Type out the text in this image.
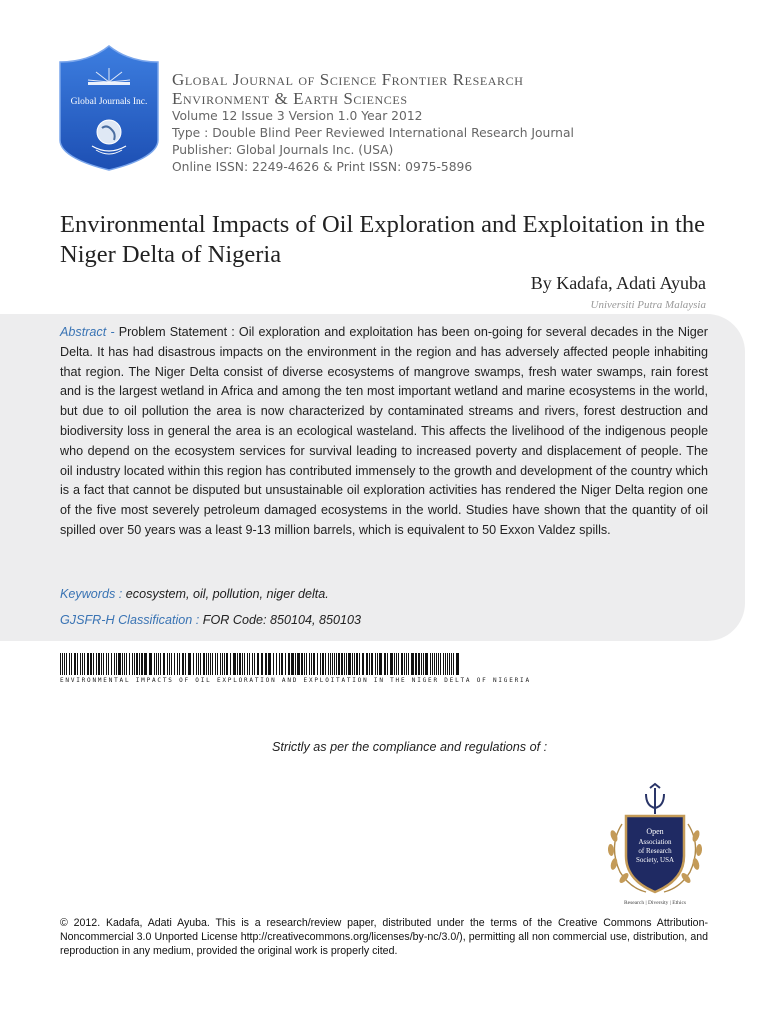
Global Journals Inc.
Global Journal of Science Frontier Research
Environment & Earth Sciences
Volume 12 Issue 3 Version 1.0 Year 2012
Type : Double Blind Peer Reviewed International Research Journal
Publisher: Global Journals Inc. (USA)
Online ISSN: 2249-4626 & Print ISSN: 0975-5896
Environmental Impacts of Oil Exploration and Exploitation in the Niger Delta of Nigeria
By Kadafa, Adati Ayuba
Universiti Putra Malaysia
Abstract - Problem Statement : Oil exploration and exploitation has been on-going for several decades in the Niger Delta. It has had disastrous impacts on the environment in the region and has adversely affected people inhabiting that region. The Niger Delta consist of diverse ecosystems of mangrove swamps, fresh water swamps, rain forest and is the largest wetland in Africa and among the ten most important wetland and marine ecosystems in the world, but due to oil pollution the area is now characterized by contaminated streams and rivers, forest destruction and biodiversity loss in general the area is an ecological wasteland. This affects the livelihood of the indigenous people who depend on the ecosystem services for survival leading to increased poverty and displacement of people. The oil industry located within this region has contributed immensely to the growth and development of the country which is a fact that cannot be disputed but unsustainable oil exploration activities has rendered the Niger Delta region one of the five most severely petroleum damaged ecosystems in the world. Studies have shown that the quantity of oil spilled over 50 years was a least 9-13 million barrels, which is equivalent to 50 Exxon Valdez spills.
Keywords : ecosystem, oil, pollution, niger delta.
GJSFR-H Classification : FOR Code: 850104, 850103
ENVIRONMENTAL IMPACTS OF OIL EXPLORATION AND EXPLOITATION IN THE NIGER DELTA OF NIGERIA
Strictly as per the compliance and regulations of :
Open
Association
of Research
Society, USA
Research | Diversity | Ethics
© 2012. Kadafa, Adati Ayuba. This is a research/review paper, distributed under the terms of the Creative Commons Attribution-Noncommercial 3.0 Unported License http://creativecommons.org/licenses/by-nc/3.0/), permitting all non commercial use, distribution, and reproduction in any medium, provided the original work is properly cited.
